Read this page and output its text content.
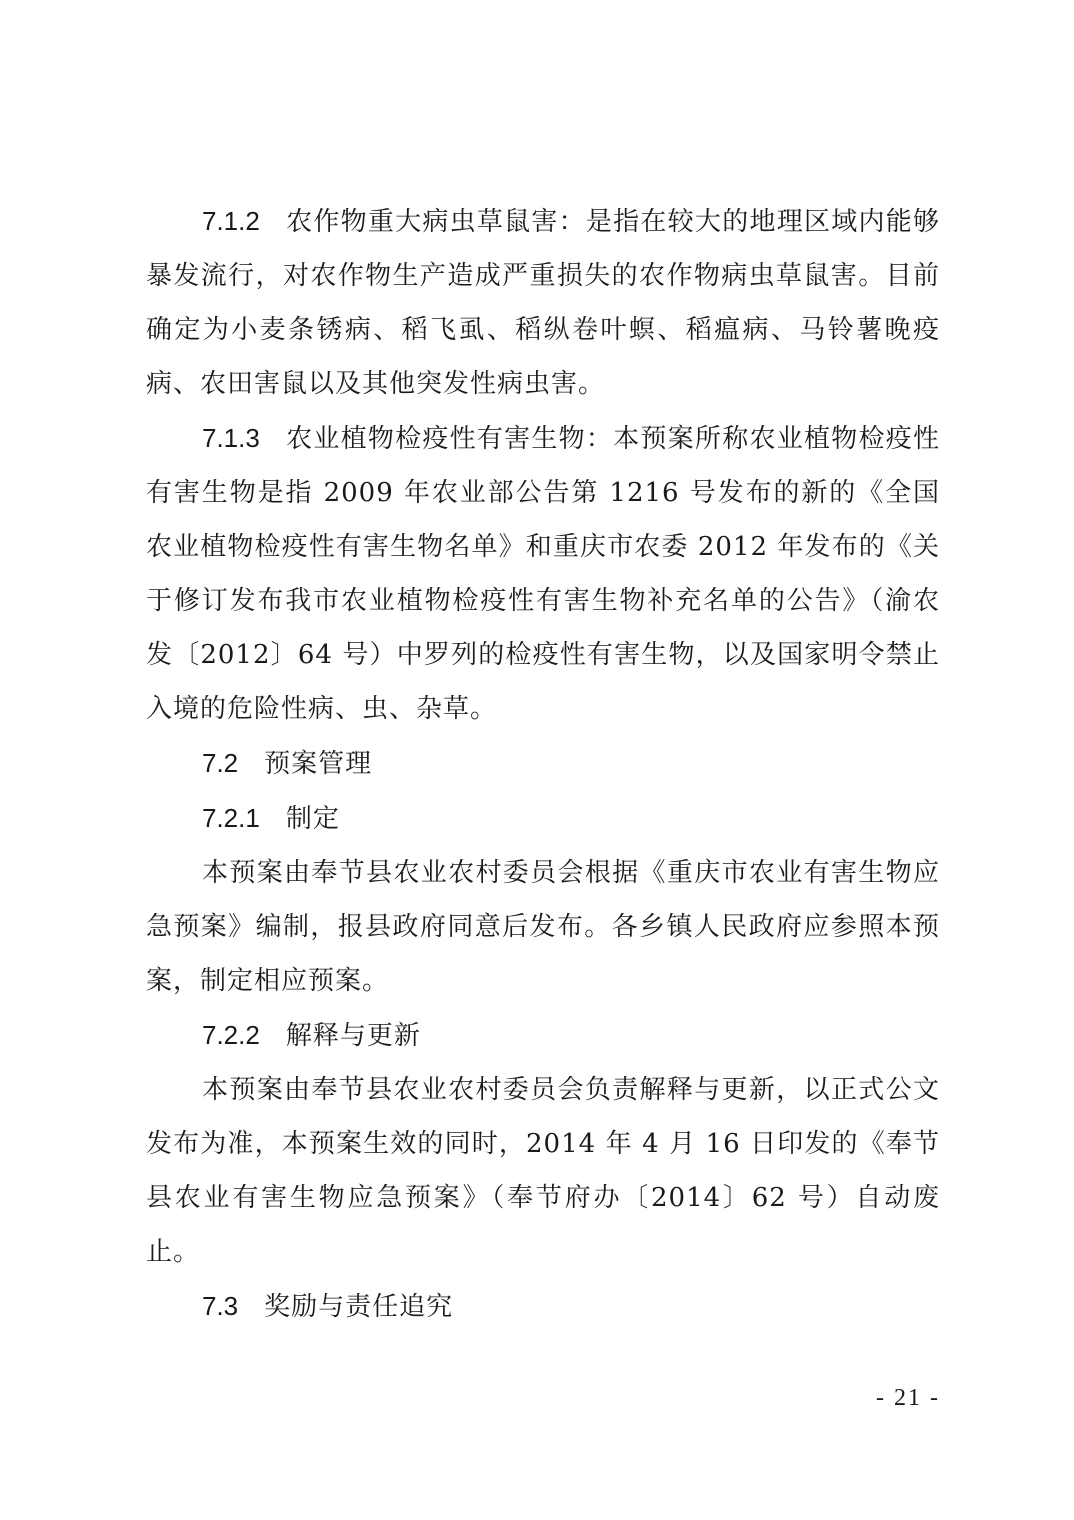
7.1.2 农作物重大病虫草鼠害：是指在较大的地理区域内能够暴发流行，对农作物生产造成严重损失的农作物病虫草鼠害。目前确定为小麦条锈病、稻飞虱、稻纵卷叶螟、稻瘟病、马铃薯晚疫病、农田害鼠以及其他突发性病虫害。

7.1.3 农业植物检疫性有害生物：本预案所称农业植物检疫性有害生物是指 2009 年农业部公告第 1216 号发布的新的《全国农业植物检疫性有害生物名单》和重庆市农委 2012 年发布的《关于修订发布我市农业植物检疫性有害生物补充名单的公告》（渝农发〔2012〕64 号）中罗列的检疫性有害生物，以及国家明令禁止入境的危险性病、虫、杂草。

7.2 预案管理

7.2.1 制定

本预案由奉节县农业农村委员会根据《重庆市农业有害生物应急预案》编制，报县政府同意后发布。各乡镇人民政府应参照本预案，制定相应预案。

7.2.2 解释与更新

本预案由奉节县农业农村委员会负责解释与更新，以正式公文发布为准，本预案生效的同时，2014 年 4 月 16 日印发的《奉节县农业有害生物应急预案》（奉节府办〔2014〕62 号）自动废止。

7.3 奖励与责任追究

- 21 -
